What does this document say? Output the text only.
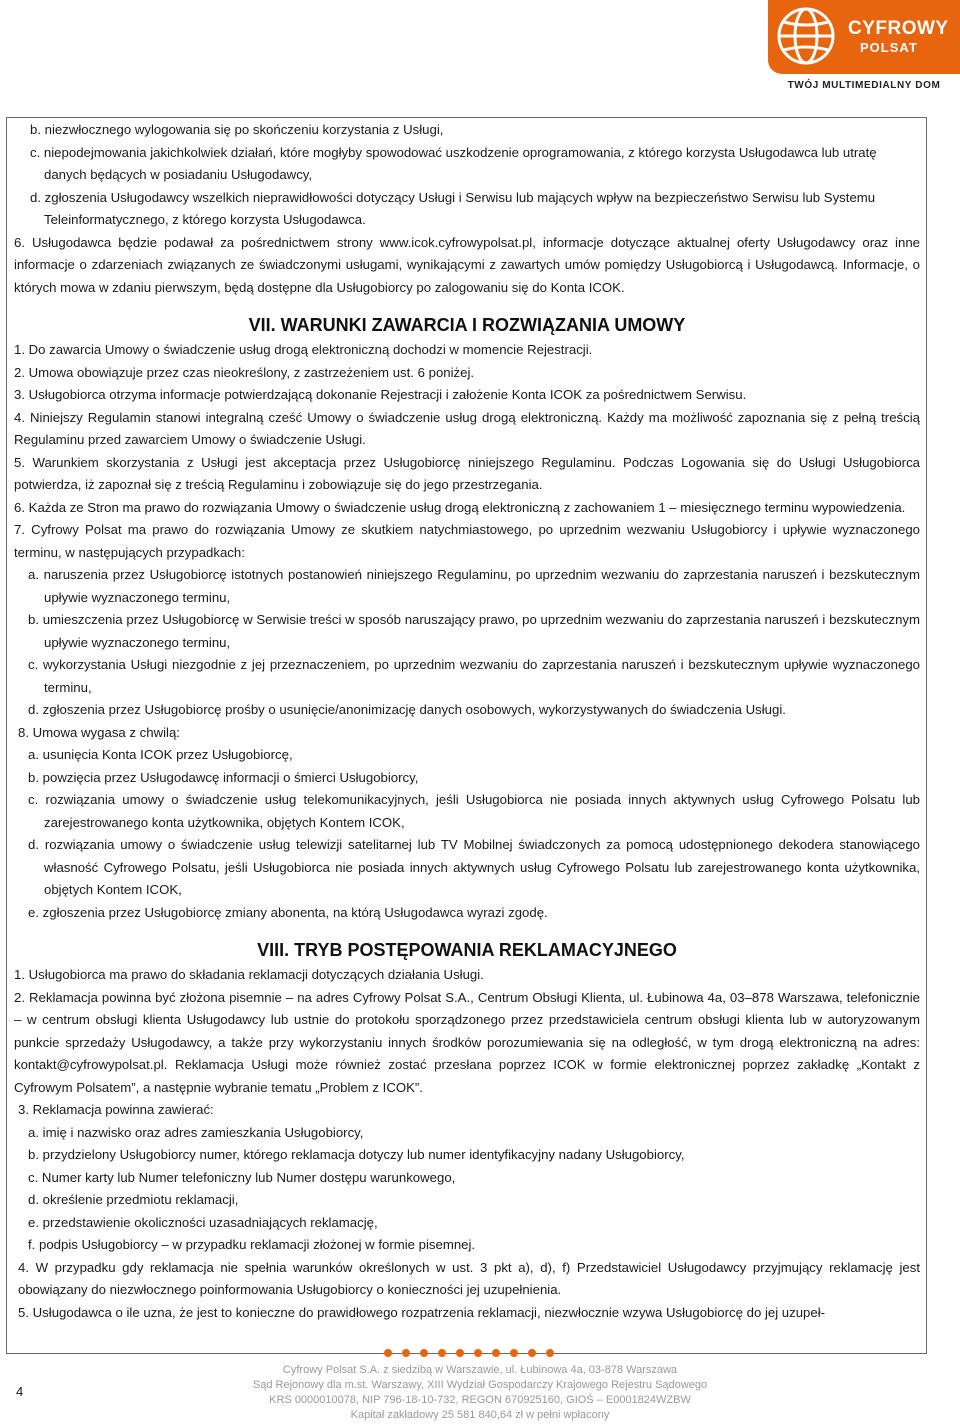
CYFROWY
POLSAT
TWÓJ MULTIMEDIALNY DOM

b. niezwłocznego wylogowania się po skończeniu korzystania z Usługi,

c. niepodejmowania jakichkolwiek działań, które mogłyby spowodować uszkodzenie oprogramowania, z którego korzysta Usługodawca lub utratę danych będących w posiadaniu Usługodawcy,

d. zgłoszenia Usługodawcy wszelkich nieprawidłowości dotyczący Usługi i Serwisu lub mających wpływ na bezpieczeństwo Serwisu lub Systemu Teleinformatycznego, z którego korzysta Usługodawca.

6. Usługodawca będzie podawał za pośrednictwem strony www.icok.cyfrowypolsat.pl, informacje dotyczące aktualnej oferty Usługodawcy oraz inne informacje o zdarzeniach związanych ze świadczonymi usługami, wynikającymi z zawartych umów pomiędzy Usługobiorcą i Usługodawcą. Informacje, o których mowa w zdaniu pierwszym, będą dostępne dla Usługobiorcy po zalogowaniu się do Konta ICOK.

VII. WARUNKI ZAWARCIA I ROZWIĄZANIA UMOWY

1. Do zawarcia Umowy o świadczenie usług drogą elektroniczną dochodzi w momencie Rejestracji.

2. Umowa obowiązuje przez czas nieokreślony, z zastrzeżeniem ust. 6 poniżej.

3. Usługobiorca otrzyma informacje potwierdzającą dokonanie Rejestracji i założenie Konta ICOK za pośrednictwem Serwisu.

4. Niniejszy Regulamin stanowi integralną cześć Umowy o świadczenie usług drogą elektroniczną. Każdy ma możliwość zapoznania się z pełną treścią Regulaminu przed zawarciem Umowy o świadczenie Usługi.

5. Warunkiem skorzystania z Usługi jest akceptacja przez Usługobiorcę niniejszego Regulaminu. Podczas Logowania się do Usługi Usługobiorca potwierdza, iż zapoznał się z treścią Regulaminu i zobowiązuje się do jego przestrzegania.

6. Każda ze Stron ma prawo do rozwiązania Umowy o świadczenie usług drogą elektroniczną z zachowaniem 1 – miesięcznego terminu wypowiedzenia.

7. Cyfrowy Polsat ma prawo do rozwiązania Umowy ze skutkiem natychmiastowego, po uprzednim wezwaniu Usługobiorcy i upływie wyznaczonego terminu, w następujących przypadkach:

a. naruszenia przez Usługobiorcę istotnych postanowień niniejszego Regulaminu, po uprzednim wezwaniu do zaprzestania naruszeń i bezskutecznym upływie wyznaczonego terminu,

b. umieszczenia przez Usługobiorcę w Serwisie treści w sposób naruszający prawo, po uprzednim wezwaniu do zaprzestania naruszeń i bezskutecznym upływie wyznaczonego terminu,

c. wykorzystania Usługi niezgodnie z jej przeznaczeniem, po uprzednim wezwaniu do zaprzestania naruszeń i bezskutecznym upływie wyznaczonego terminu,

d. zgłoszenia przez Usługobiorcę prośby o usunięcie/anonimizację danych osobowych, wykorzystywanych do świadczenia Usługi.

8. Umowa wygasa z chwilą:

a. usunięcia Konta ICOK przez Usługobiorcę,

b. powzięcia przez Usługodawcę informacji o śmierci Usługobiorcy,

c. rozwiązania umowy o świadczenie usług telekomunikacyjnych, jeśli Usługobiorca nie posiada innych aktywnych usług Cyfrowego Polsatu lub zarejestrowanego konta użytkownika, objętych Kontem ICOK,

d. rozwiązania umowy o świadczenie usług telewizji satelitarnej lub TV Mobilnej świadczonych za pomocą udostępnionego dekodera stanowiącego własność Cyfrowego Polsatu, jeśli Usługobiorca nie posiada innych aktywnych usług Cyfrowego Polsatu lub zarejestrowanego konta użytkownika, objętych Kontem ICOK,

e. zgłoszenia przez Usługobiorcę zmiany abonenta, na którą Usługodawca wyrazi zgodę.

VIII. TRYB POSTĘPOWANIA REKLAMACYJNEGO

1. Usługobiorca ma prawo do składania reklamacji dotyczących działania Usługi.

2. Reklamacja powinna być złożona pisemnie – na adres Cyfrowy Polsat S.A., Centrum Obsługi Klienta, ul. Łubinowa 4a, 03–878 Warszawa, telefonicznie – w centrum obsługi klienta Usługodawcy lub ustnie do protokołu sporządzonego przez przedstawiciela centrum obsługi klienta lub w autoryzowanym punkcie sprzedaży Usługodawcy, a także przy wykorzystaniu innych środków porozumiewania się na odległość, w tym drogą elektroniczną na adres: kontakt@cyfrowypolsat.pl. Reklamacja Usługi może również zostać przesłana poprzez ICOK w formie elektronicznej poprzez zakładkę „Kontakt z Cyfrowym Polsatem”, a następnie wybranie tematu „Problem z ICOK”.

3. Reklamacja powinna zawierać:

a. imię i nazwisko oraz adres zamieszkania Usługobiorcy,

b. przydzielony Usługobiorcy numer, którego reklamacja dotyczy lub numer identyfikacyjny nadany Usługobiorcy,

c. Numer karty lub Numer telefoniczny lub Numer dostępu warunkowego,

d. określenie przedmiotu reklamacji,

e. przedstawienie okoliczności uzasadniających reklamację,

f. podpis Usługobiorcy – w przypadku reklamacji złożonej w formie pisemnej.

4. W przypadku gdy reklamacja nie spełnia warunków określonych w ust. 3 pkt a), d), f) Przedstawiciel Usługodawcy przyjmujący reklamację jest obowiązany do niezwłocznego poinformowania Usługobiorcy o konieczności jej uzupełnienia.

5. Usługodawca o ile uzna, że jest to konieczne do prawidłowego rozpatrzenia reklamacji, niezwłocznie wzywa Usługobiorcę do jej uzupeł-

4

Cyfrowy Polsat S.A. z siedzibą w Warszawie, ul. Łubinowa 4a, 03-878 Warszawa

Sąd Rejonowy dla m.st. Warszawy, XIII Wydział Gospodarczy Krajowego Rejestru Sądowego

KRS 0000010078, NIP 796-18-10-732, REGON 670925160, GIOŚ – E0001824WZBW

Kapitał zakładowy 25 581 840,64 zł w pełni wpłacony
